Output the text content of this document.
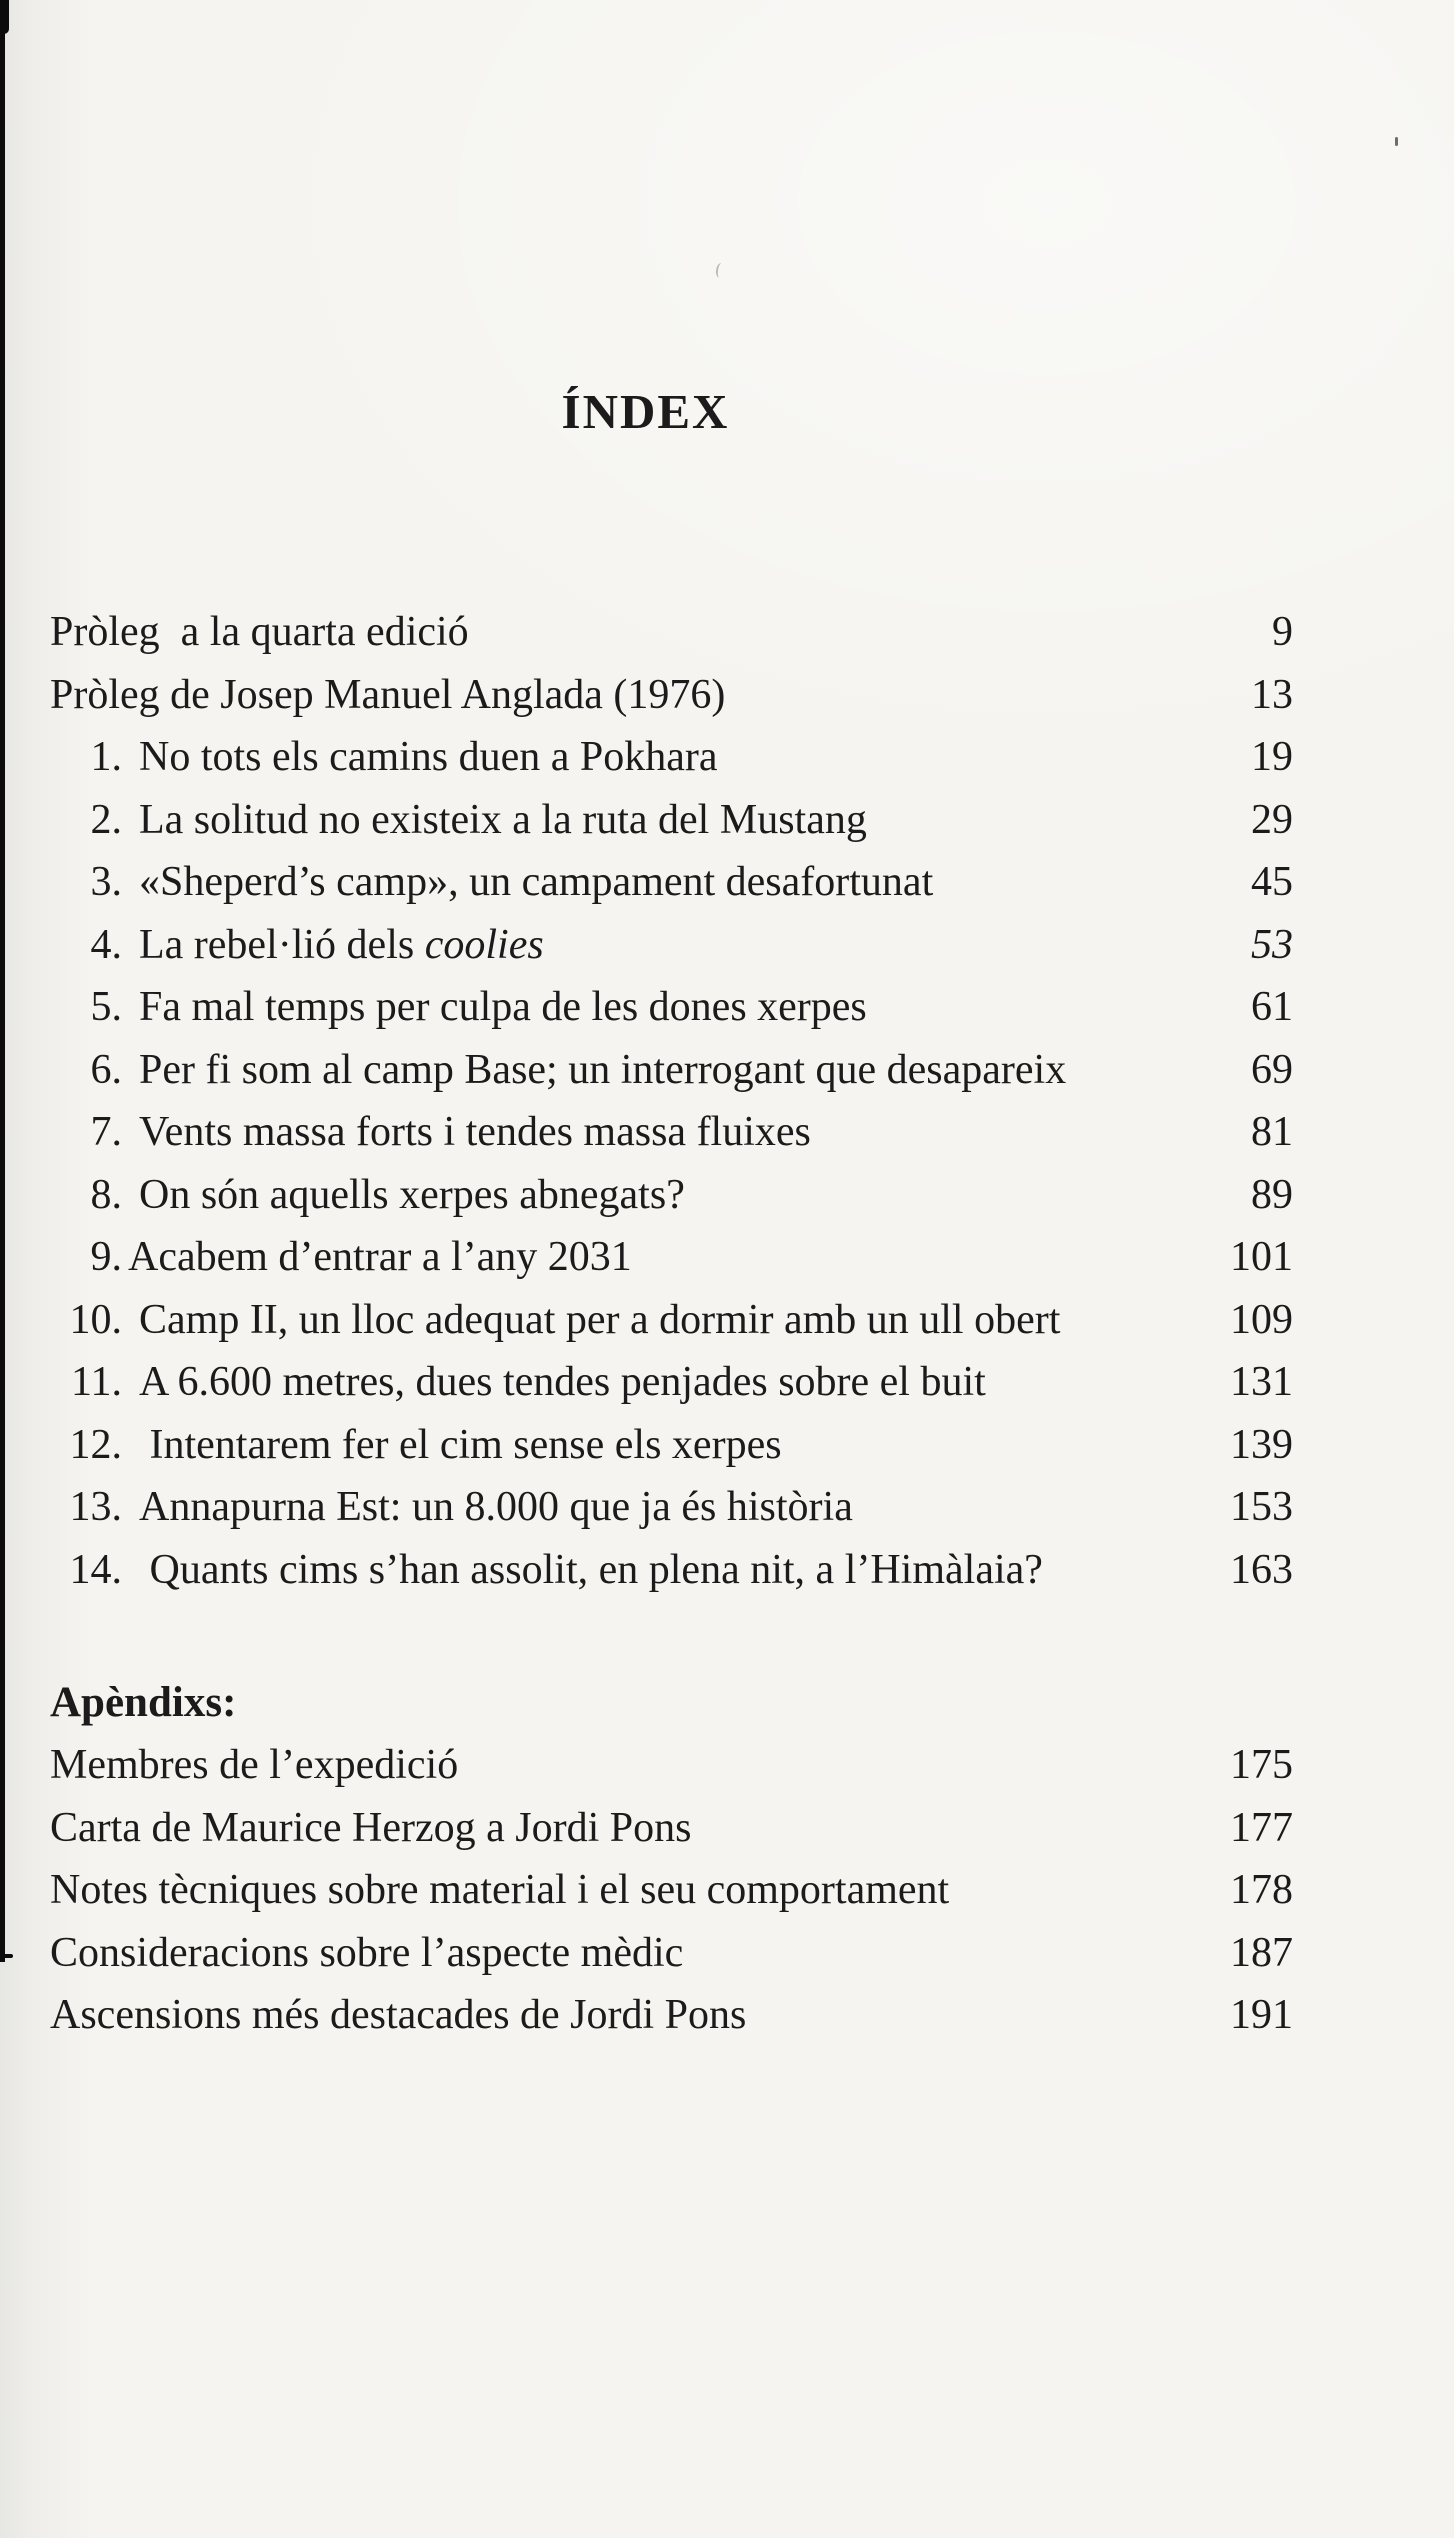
ÍNDEX
Pròleg  a la quarta edició	9
Pròleg de Josep Manuel Anglada (1976)	13
1. No tots els camins duen a Pokhara	19
2. La solitud no existeix a la ruta del Mustang	29
3. «Sheperd’s camp», un campament desafortunat	45
4. La rebel·lió dels coolies	53
5. Fa mal temps per culpa de les dones xerpes	61
6. Per fi som al camp Base; un interrogant que desapareix	69
7. Vents massa forts i tendes massa fluixes	81
8. On són aquells xerpes abnegats?	89
9. Acabem d’entrar a l’any 2031	101
10. Camp II, un lloc adequat per a dormir amb un ull obert	109
11. A 6.600 metres, dues tendes penjades sobre el buit	131
12. Intentarem fer el cim sense els xerpes	139
13. Annapurna Est: un 8.000 que ja és història	153
14. Quants cims s’han assolit, en plena nit, a l’Himàlaia?	163
Apèndixs:
Membres de l’expedició	175
Carta de Maurice Herzog a Jordi Pons	177
Notes tècniques sobre material i el seu comportament	178
Consideracions sobre l’aspecte mèdic	187
Ascensions més destacades de Jordi Pons	191
